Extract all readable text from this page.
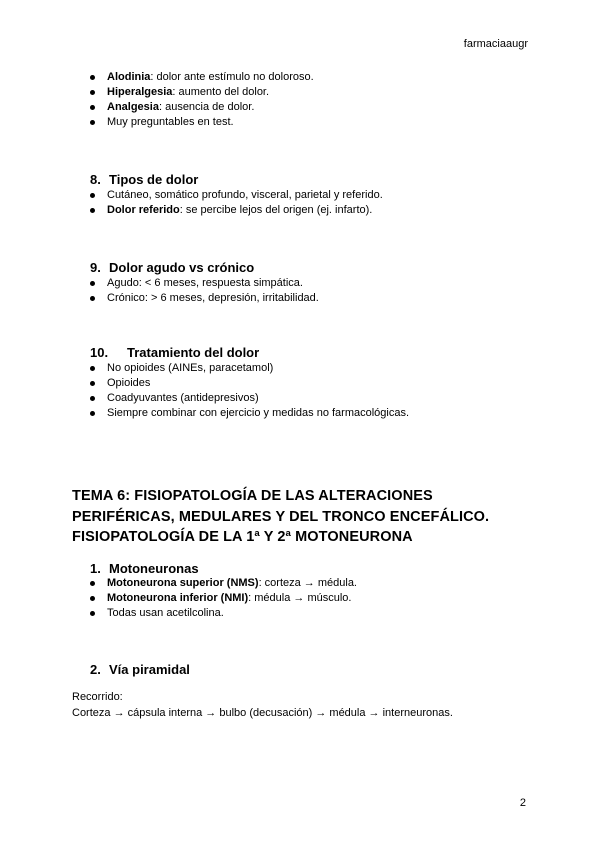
farmaciaaugr
Alodinia: dolor ante estímulo no doloroso.
Hiperalgesia: aumento del dolor.
Analgesia: ausencia de dolor.
Muy preguntables en test.
8. Tipos de dolor
Cutáneo, somático profundo, visceral, parietal y referido.
Dolor referido: se percibe lejos del origen (ej. infarto).
9. Dolor agudo vs crónico
Agudo: < 6 meses, respuesta simpática.
Crónico: > 6 meses, depresión, irritabilidad.
10. Tratamiento del dolor
No opioides (AINEs, paracetamol)
Opioides
Coadyuvantes (antidepresivos)
Siempre combinar con ejercicio y medidas no farmacológicas.
TEMA 6: FISIOPATOLOGÍA DE LAS ALTERACIONES
PERIFÉRICAS, MEDULARES Y DEL TRONCO ENCEFÁLICO.
FISIOPATOLOGÍA DE LA 1ª Y 2ª MOTONEURONA
1. Motoneuronas
Motoneurona superior (NMS): corteza → médula.
Motoneurona inferior (NMI): médula → músculo.
Todas usan acetilcolina.
2. Vía piramidal
Recorrido:
Corteza → cápsula interna → bulbo (decusación) → médula → interneuronas.
2
